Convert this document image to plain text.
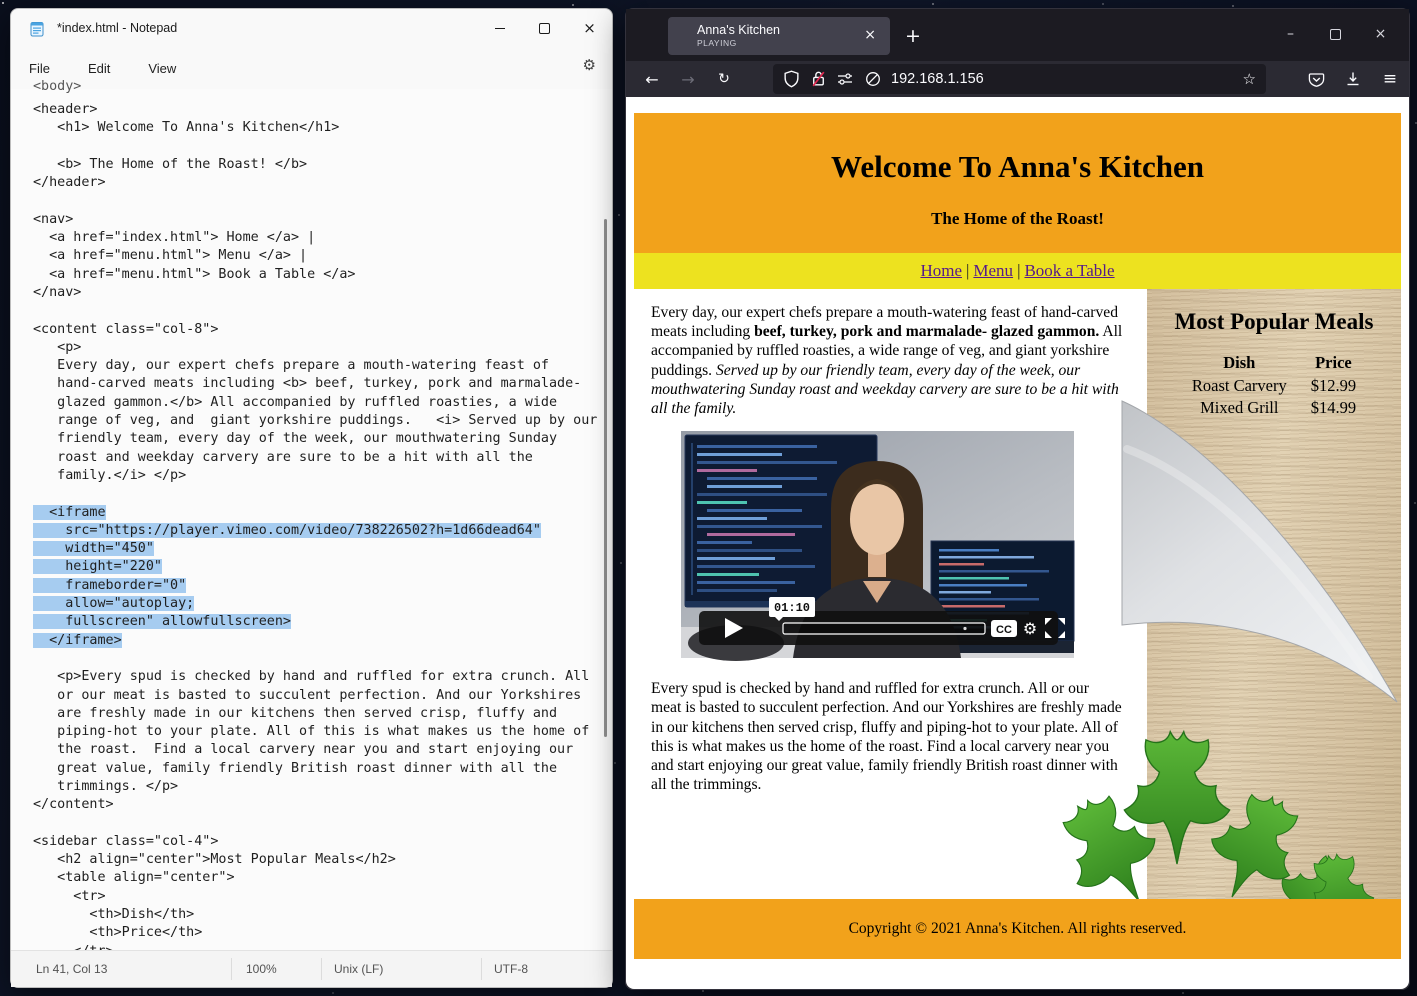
*index.html - Notepad	×
File	Edit	View	⚙
<body>
<header>
<h1> Welcome To Anna's Kitchen</h1>
<b> The Home of the Roast! </b>
</header>
<nav>
<a href="index.html"> Home </a> |
<a href="menu.html"> Menu </a> |
<a href="menu.html"> Book a Table </a>
</nav>
<content class="col-8">
<p>
Every day, our expert chefs prepare a mouth-watering feast of
hand-carved meats including <b> beef, turkey, pork and marmalade-
glazed gammon.</b> All accompanied by ruffled roasties, a wide
range of veg, and  giant yorkshire puddings.   <i> Served up by our
friendly team, every day of the week, our mouthwatering Sunday
roast and weekday carvery are sure to be a hit with all the
family.</i> </p>
<iframe
src="https://player.vimeo.com/video/738226502?h=1d66dead64"
width="450"
height="220"
frameborder="0"
allow="autoplay;
fullscreen" allowfullscreen>
</iframe>
<p>Every spud is checked by hand and ruffled for extra crunch. All
or our meat is basted to succulent perfection. And our Yorkshires
are freshly made in our kitchens then served crisp, fluffy and
piping-hot to your plate. All of this is what makes us the home of
the roast.  Find a local carvery near you and start enjoying our
great value, family friendly British roast dinner with all the
trimmings. </p>
</content>
<sidebar class="col-4">
<h2 align="center">Most Popular Meals</h2>
<table align="center">
<tr>
<th>Dish</th>
<th>Price</th>
Ln 41, Col 13	100%	Unix (LF)	UTF-8
Anna's Kitchen
PLAYING	×	+	–	×
←	→	↻	192.168.1.156	☆	≡
Welcome To Anna's Kitchen
The Home of the Roast!
Home | Menu | Book a Table

Every day, our expert chefs prepare a mouth-watering feast of hand-carved meats including beef, turkey, pork and marmalade- glazed gammon. All accompanied by ruffled roasties, a wide range of veg, and giant yorkshire puddings. Served up by our friendly team, every day of the week, our mouthwatering Sunday roast and weekday carvery are sure to be a hit with all the family.

01:10
CC ⚙

Every spud is checked by hand and ruffled for extra crunch. All or our meat is basted to succulent perfection. And our Yorkshires are freshly made in our kitchens then served crisp, fluffy and piping-hot to your plate. All of this is what makes us the home of the roast. Find a local carvery near you and start enjoying our great value, family friendly British roast dinner with all the trimmings.

Most Popular Meals
Dish	Price
Roast Carvery	$12.99
Mixed Grill	$14.99
Copyright © 2021 Anna's Kitchen. All rights reserved.
